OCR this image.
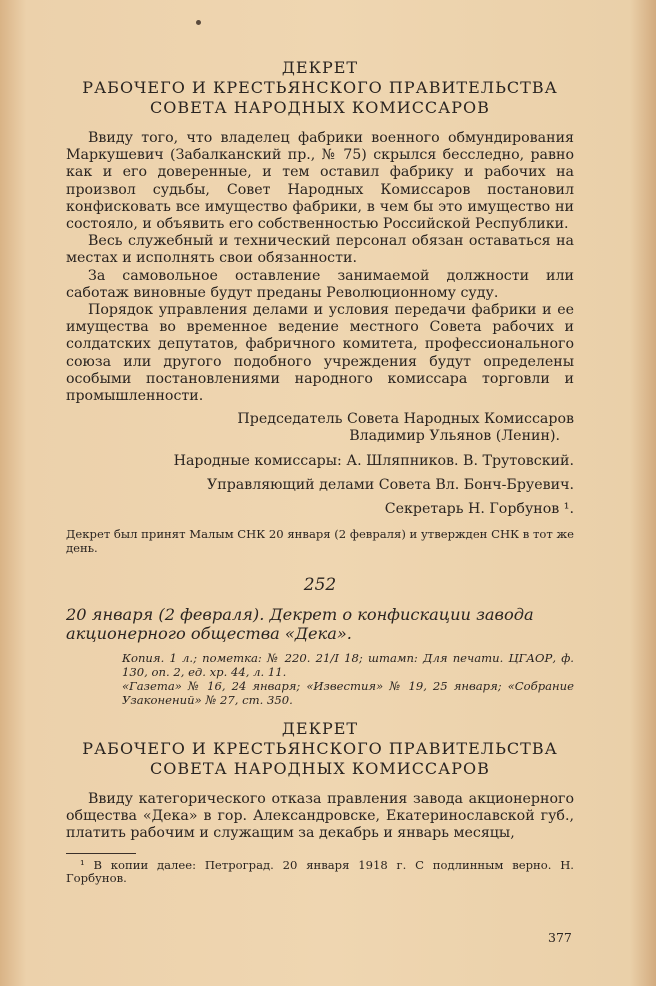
ДЕКРЕТ

РАБОЧЕГО И КРЕСТЬЯНСКОГО ПРАВИТЕЛЬСТВА

СОВЕТА НАРОДНЫХ КОМИССАРОВ

Ввиду того, что владелец фабрики военного обмундирования Маркушевич (Забалканский пр., № 75) скрылся бесследно, равно как и его доверенные, и тем оставил фабрику и рабочих на произвол судьбы, Совет Народных Комиссаров постановил конфисковать все имущество фабрики, в чем бы это имущество ни состояло, и объявить его собственностью Российской Республики.

Весь служебный и технический персонал обязан оставаться на местах и исполнять свои обязанности.

За самовольное оставление занимаемой должности или саботаж виновные будут преданы Революционному суду.

Порядок управления делами и условия передачи фабрики и ее имущества во временное ведение местного Совета рабочих и солдатских депутатов, фабричного комитета, профессионального союза или другого подобного учреждения будут определены особыми постановлениями народного комиссара торговли и промышленности.

Председатель Совета Народных Комиссаров

Владимир Ульянов (Ленин).

Народные комиссары: А. Шляпников. В. Трутовский.

Управляющий делами Совета Вл. Бонч-Бруевич.

Секретарь Н. Горбунов ¹.

Декрет был принят Малым СНК 20 января (2 февраля) и утвержден СНК в тот же день.

252

20 января (2 февраля). Декрет о конфискации завода акционерного общества «Дека».

Копия. 1 л.; пометка: № 220. 21/I 18; штамп: Для печати. ЦГАОР, ф. 130, оп. 2, ед. хр. 44, л. 11.

«Газета» № 16, 24 января; «Известия» № 19, 25 января; «Собрание Узаконений» № 27, ст. 350.

ДЕКРЕТ

РАБОЧЕГО И КРЕСТЬЯНСКОГО ПРАВИТЕЛЬСТВА

СОВЕТА НАРОДНЫХ КОМИССАРОВ

Ввиду категорического отказа правления завода акционерного общества «Дека» в гор. Александровске, Екатеринославской губ., платить рабочим и служащим за декабрь и январь месяцы,

¹ В копии далее: Петроград. 20 января 1918 г. С подлинным верно. Н. Горбунов.

377
